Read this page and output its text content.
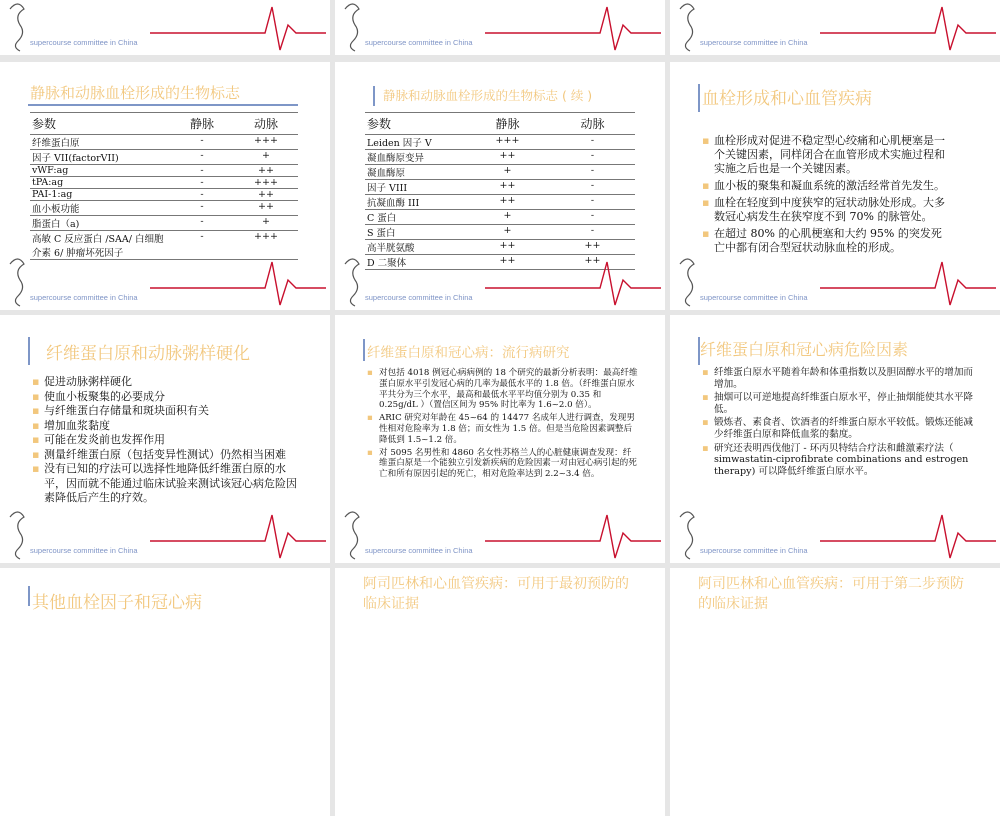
supercourse committee in China	supercourse committee in China	supercourse committee in China
静脉和动脉血栓形成的生物标志
参数	静脉	动脉
纤维蛋白原	-	+++
因子 VII(factorVII)	-	+
vWF:ag	-	++
tPA:ag	-	+++
PAI-1:ag	-	++
血小板功能	-	++
脂蛋白（a)	-	+
高敏 C 反应蛋白 /SAA/ 白细胞介素 6/ 肿瘤坏死因子	-	+++
supercourse committee in China
静脉和动脉血栓形成的生物标志 ( 续 )
参数	静脉	动脉
Leiden 因子 V	+++	-
凝血酶原变异	++	-
凝血酶原	+	-
因子 VIII	++	-
抗凝血酶 III	++	-
C 蛋白	+	-
S 蛋白	+	-
高半胱氨酸	++	++
D 二聚体	++	++
supercourse committee in China
血栓形成和心血管疾病
▪ 血栓形成对促进不稳定型心绞痛和心肌梗塞是一个关键因素，同样闭合在血管形成术实施过程和实施之后也是一个关键因素。
▪ 血小板的聚集和凝血系统的激活经常首先发生。
▪ 血栓在轻度到中度狭窄的冠状动脉处形成。大多数冠心病发生在狭窄度不到 70% 的脉管处。
▪ 在超过 80% 的心肌梗塞和大约 95% 的突发死亡中都有闭合型冠状动脉血栓的形成。
supercourse committee in China
纤维蛋白原和动脉粥样硬化
▪ 促进动脉粥样硬化
▪ 使血小板聚集的必要成分
▪ 与纤维蛋白存储量和斑块面积有关
▪ 增加血浆黏度
▪ 可能在发炎前也发挥作用
▪ 测量纤维蛋白原（包括变异性测试）仍然相当困难
▪ 没有已知的疗法可以选择性地降低纤维蛋白原的水平，因而就不能通过临床试验来测试该冠心病危险因素降低后产生的疗效。
supercourse committee in China
纤维蛋白原和冠心病：流行病研究
▪ 对包括 4018 例冠心病病例的 18 个研究的最新分析表明：最高纤维蛋白原水平引发冠心病的几率为最低水平的 1.8 倍。（纤维蛋白原水平共分为三个水平，最高和最低水平平均值分别为 0.35 和 0.25g/dL ）（置信区间为 95% 时比率为 1.6~2.0 倍）。
▪ ARIC 研究对年龄在 45~64 的 14477 名成年人进行调查，发现男性相对危险率为 1.8 倍；而女性为 1.5 倍。但是当危险因素调整后降低到 1.5~1.2 倍。
▪ 对 5095 名男性和 4860 名女性苏格兰人的心脏健康调查发现：纤维蛋白原是一个能独立引发新疾病的危险因素一对由冠心病引起的死亡和所有原因引起的死亡，相对危险率达到 2.2~3.4 倍。
supercourse committee in China
纤维蛋白原和冠心病危险因素
▪ 纤维蛋白原水平随着年龄和体重指数以及胆固醇水平的增加而增加。
▪ 抽烟可以可逆地提高纤维蛋白原水平，停止抽烟能使其水平降低。
▪ 锻炼者、素食者、饮酒者的纤维蛋白原水平较低。锻炼还能减少纤维蛋白原和降低血浆的黏度。
▪ 研究还表明西伐他汀 - 环丙贝特结合疗法和雌激素疗法（ simwastatin-ciprofibrate combinations and estrogen therapy) 可以降低纤维蛋白原水平。
supercourse committee in China
其他血栓因子和冠心病
阿司匹林和心血管疾病：可用于最初预防的临床证据
阿司匹林和心血管疾病：可用于第二步预防的临床证据
